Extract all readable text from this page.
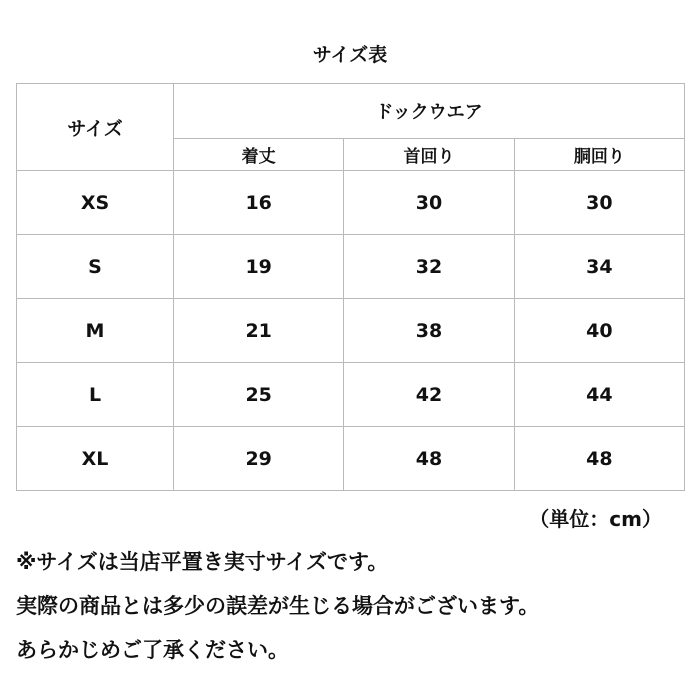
サイズ表
サイズ	ドックウエア		
	着丈	首回り	胴回り
XS	16	30	30
S	19	32	34
M	21	38	40
L	25	42	44
XL	29	48	48
（単位：cm）
※サイズは当店平置き実寸サイズです。
実際の商品とは多少の誤差が生じる場合がございます。
あらかじめご了承ください。
